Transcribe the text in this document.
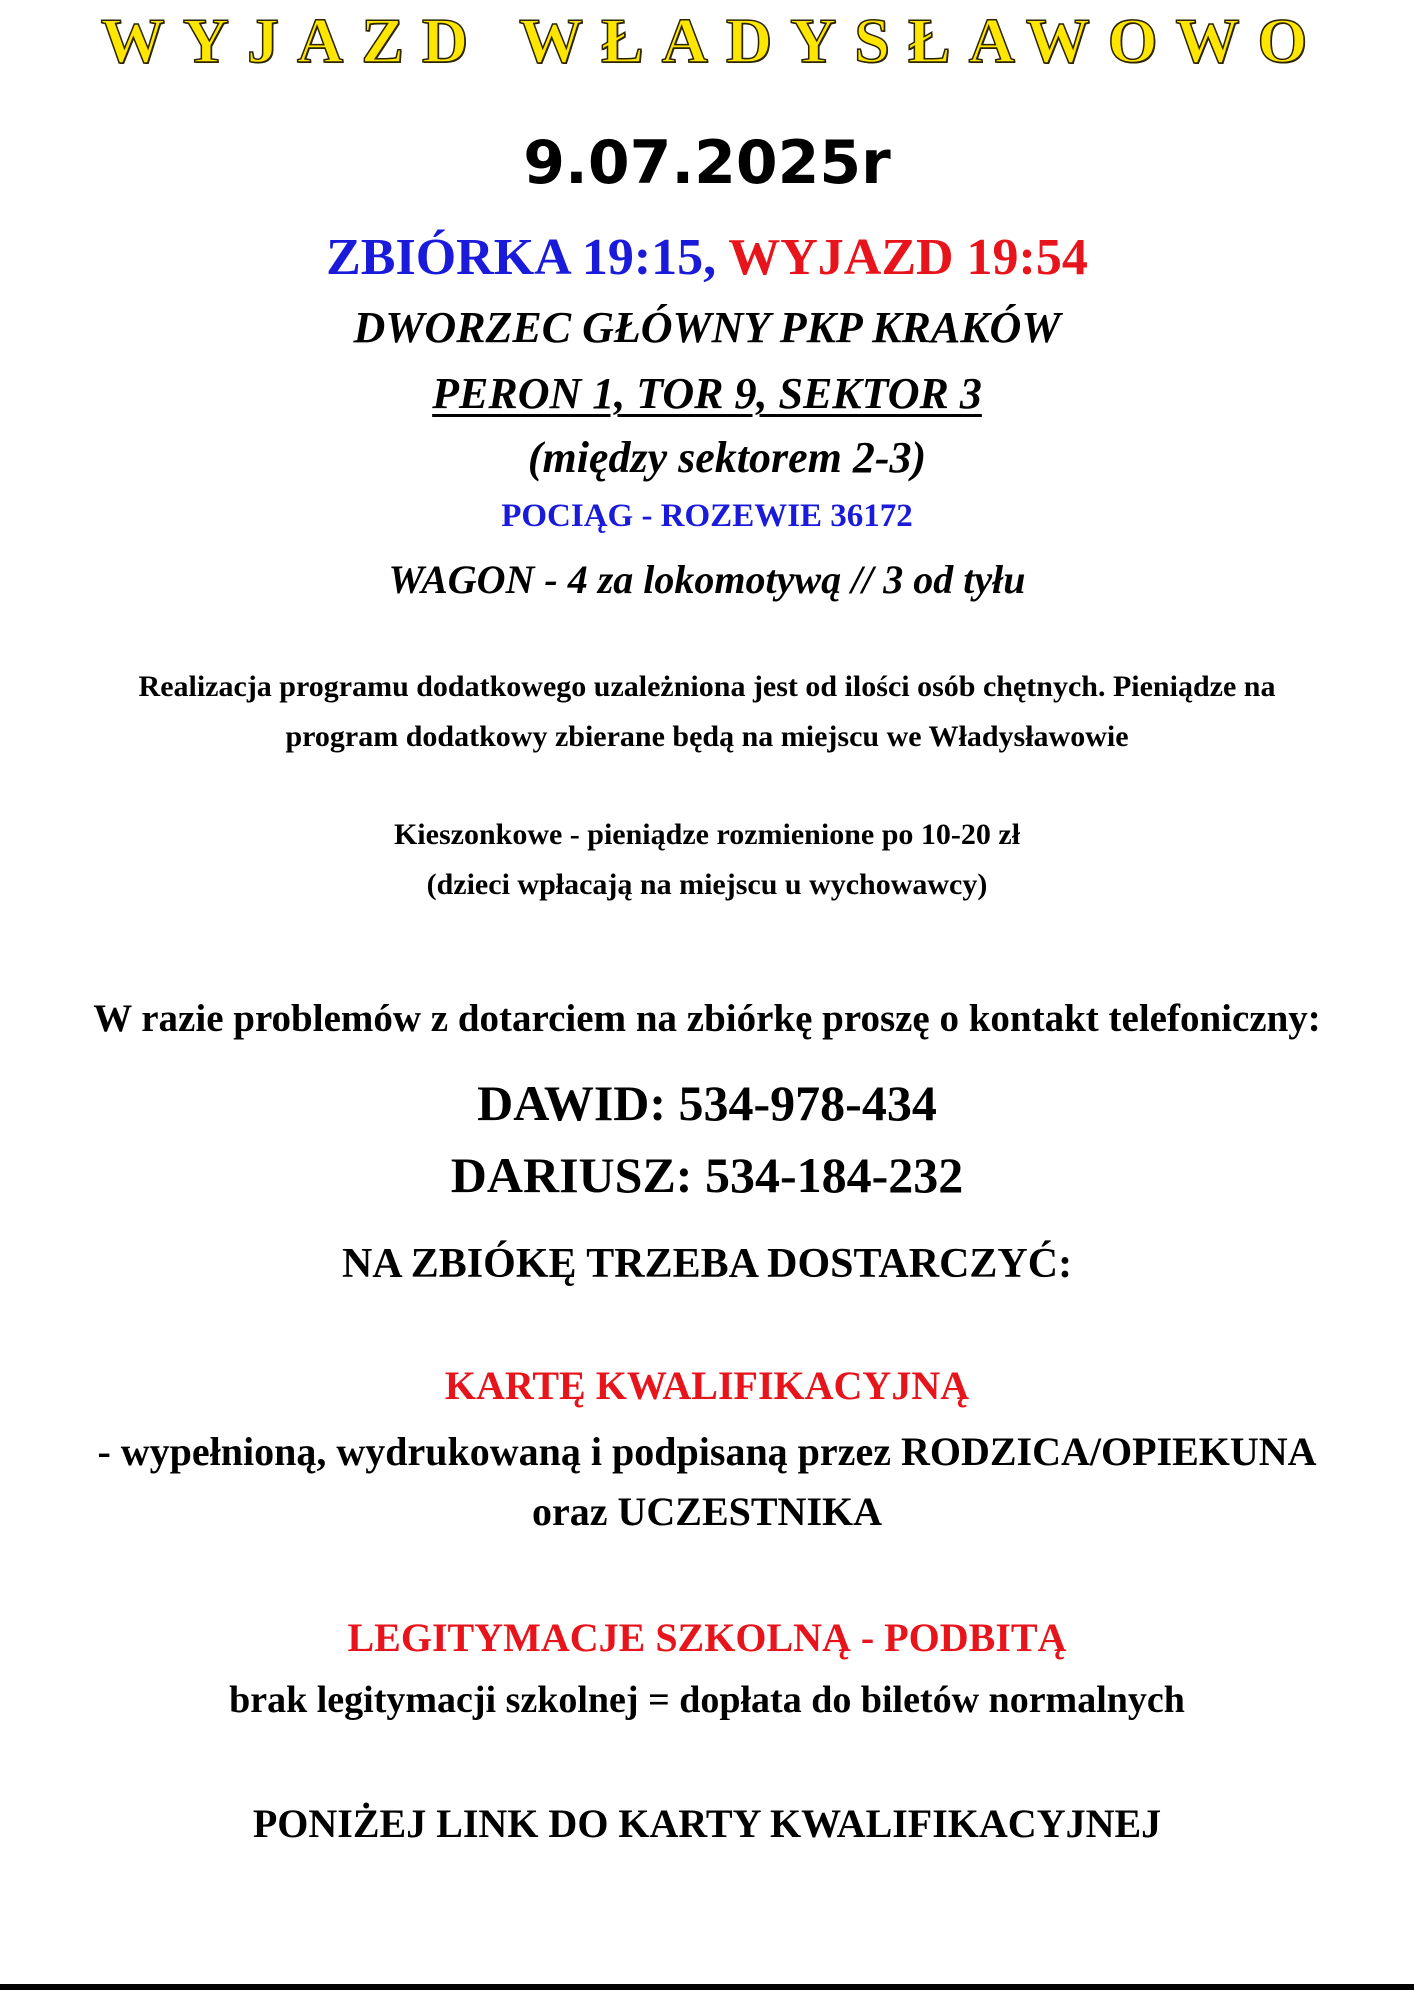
WYJAZD WŁADYSŁAWOWO
9.07.2025r
ZBIÓRKA 19:15, WYJAZD 19:54
DWORZEC GŁÓWNY PKP KRAKÓW
PERON 1, TOR 9, SEKTOR 3
(między sektorem 2-3)
POCIĄG - ROZEWIE 36172
WAGON - 4 za lokomotywą // 3 od tyłu
Realizacja programu dodatkowego uzależniona jest od ilości osób chętnych. Pieniądze na
program dodatkowy zbierane będą na miejscu we Władysławowie
Kieszonkowe - pieniądze rozmienione po 10-20 zł
(dzieci wpłacają na miejscu u wychowawcy)
W razie problemów z dotarciem na zbiórkę proszę o kontakt telefoniczny:
DAWID: 534-978-434
DARIUSZ: 534-184-232
NA ZBIÓKĘ TRZEBA DOSTARCZYĆ:
KARTĘ KWALIFIKACYJNĄ
- wypełnioną, wydrukowaną i podpisaną przez RODZICA/OPIEKUNA
oraz UCZESTNIKA
LEGITYMACJE SZKOLNĄ - PODBITĄ
brak legitymacji szkolnej = dopłata do biletów normalnych
PONIŻEJ LINK DO KARTY KWALIFIKACYJNEJ
